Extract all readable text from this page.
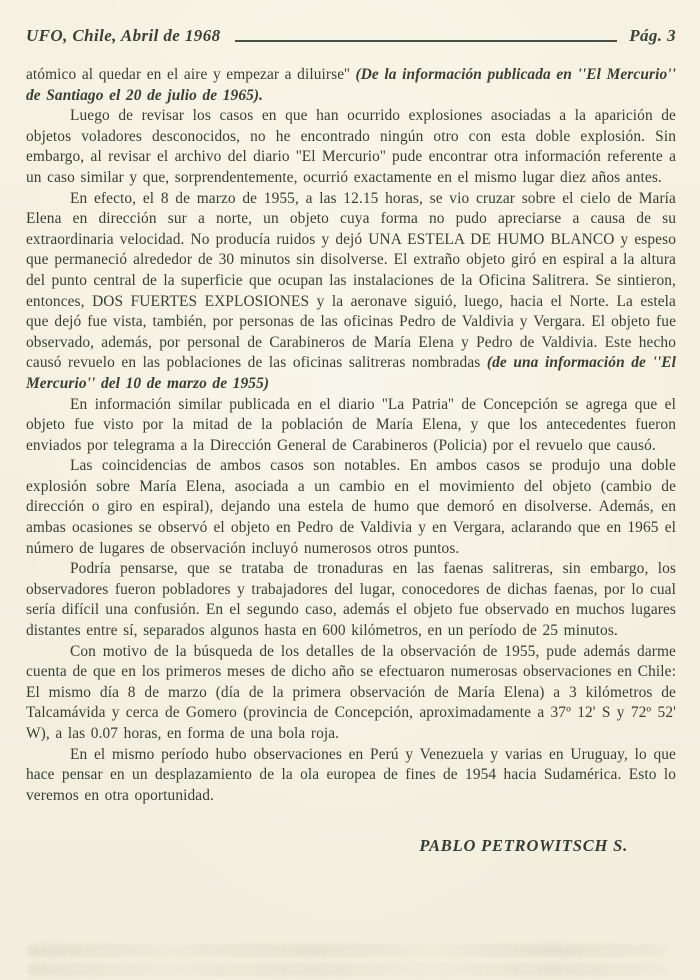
UFO, Chile, Abril de 1968	Pág. 3

atómico al quedar en el aire y empezar a diluirse'' (De la información publicada en ''El Mercurio'' de Santiago el 20 de julio de 1965).

Luego de revisar los casos en que han ocurrido explosiones asociadas a la aparición de objetos voladores desconocidos, no he encontrado ningún otro con esta doble explosión. Sin embargo, al revisar el archivo del diario ''El Mercurio'' pude encontrar otra información referente a un caso similar y que, sorprendentemente, ocurrió exactamente en el mismo lugar diez años antes.

En efecto, el 8 de marzo de 1955, a las 12.15 horas, se vio cruzar sobre el cielo de María Elena en dirección sur a norte, un objeto cuya forma no pudo apreciarse a causa de su extraordinaria velocidad. No producía ruidos y dejó UNA ESTELA DE HUMO BLANCO y espeso que permaneció alrededor de 30 minutos sin disolverse. El extraño objeto giró en espiral a la altura del punto central de la superficie que ocupan las instalaciones de la Oficina Salitrera. Se sintieron, entonces, DOS FUERTES EXPLOSIONES y la aeronave siguió, luego, hacia el Norte. La estela que dejó fue vista, también, por personas de las oficinas Pedro de Valdivia y Vergara. El objeto fue observado, además, por personal de Carabineros de María Elena y Pedro de Valdivia. Este hecho causó revuelo en las poblaciones de las oficinas salitreras nombradas (de una información de ''El Mercurio'' del 10 de marzo de 1955)

En información similar publicada en el diario ''La Patria'' de Concepción se agrega que el objeto fue visto por la mitad de la población de María Elena, y que los antecedentes fueron enviados por telegrama a la Dirección General de Carabineros (Policia) por el revuelo que causó.

Las coincidencias de ambos casos son notables. En ambos casos se produjo una doble explosión sobre María Elena, asociada a un cambio en el movimiento del objeto (cambio de dirección o giro en espiral), dejando una estela de humo que demoró en disolverse. Además, en ambas ocasiones se observó el objeto en Pedro de Valdivia y en Vergara, aclarando que en 1965 el número de lugares de observación incluyó numerosos otros puntos.

Podría pensarse, que se trataba de tronaduras en las faenas salitreras, sin embargo, los observadores fueron pobladores y trabajadores del lugar, conocedores de dichas faenas, por lo cual sería difícil una confusión. En el segundo caso, además el objeto fue observado en muchos lugares distantes entre sí, separados algunos hasta en 600 kilómetros, en un período de 25 minutos.

Con motivo de la búsqueda de los detalles de la observación de 1955, pude además darme cuenta de que en los primeros meses de dicho año se efectuaron numerosas observaciones en Chile: El mismo día 8 de marzo (día de la primera observación de María Elena) a 3 kilómetros de Talcamávida y cerca de Gomero (provincia de Concepción, aproximadamente a 37º 12' S y 72º 52' W), a las 0.07 horas, en forma de una bola roja.

En el mismo período hubo observaciones en Perú y Venezuela y varias en Uruguay, lo que hace pensar en un desplazamiento de la ola europea de fines de 1954 hacia Sudamérica. Esto lo veremos en otra oportunidad.

PABLO PETROWITSCH S.
